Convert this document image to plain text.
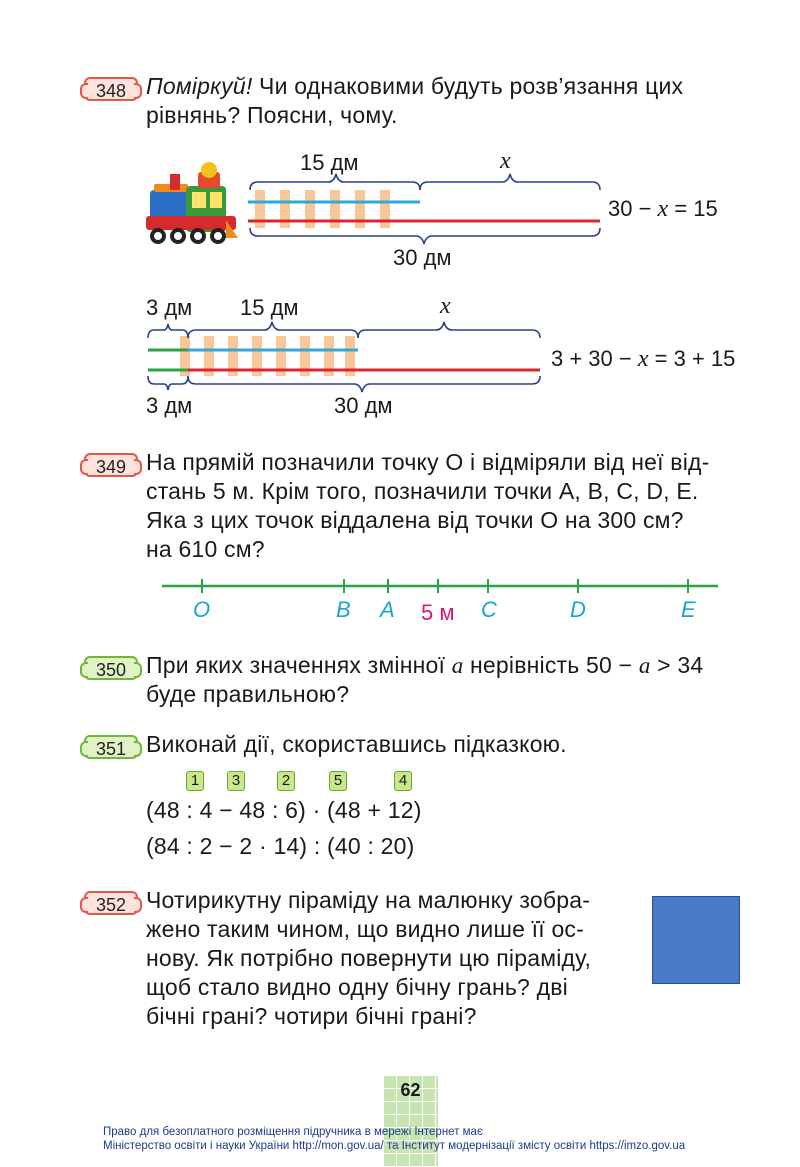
348 Поміркуй! Чи однаковими будуть розв’язання цих
рівнянь? Поясни, чому.
15 дм	x
30 дм
30 − x = 15
3 дм 15 дм	x
3 дм	30 дм
3 + 30 − x = 3 + 15
349 На прямій позначили точку O і відміряли від неї від-
стань 5 м. Крім того, позначили точки A, B, C, D, E.
Яка з цих точок віддалена від точки O на 300 см?
на 610 см?
O	B A 5 м C	D	E
350 При яких значеннях змінної a нерівність 50 − a > 34
буде правильною?
351 Виконай дії, скориставшись підказкою.
1	3	2	5	4
(48 : 4 − 48 : 6) · (48 + 12)
(84 : 2 − 2 · 14) : (40 : 20)
352 Чотирикутну піраміду на малюнку зобра-
жено таким чином, що видно лише її ос-
нову. Як потрібно повернути цю піраміду,
щоб стало видно одну бічну грань? дві
бічні грані? чотири бічні грані?
62
Право для безоплатного розміщення підручника в мережі Інтернет має
Міністерство освіти і науки України http://mon.gov.ua/ та Інститут модернізації змісту освіти https://imzo.gov.ua
